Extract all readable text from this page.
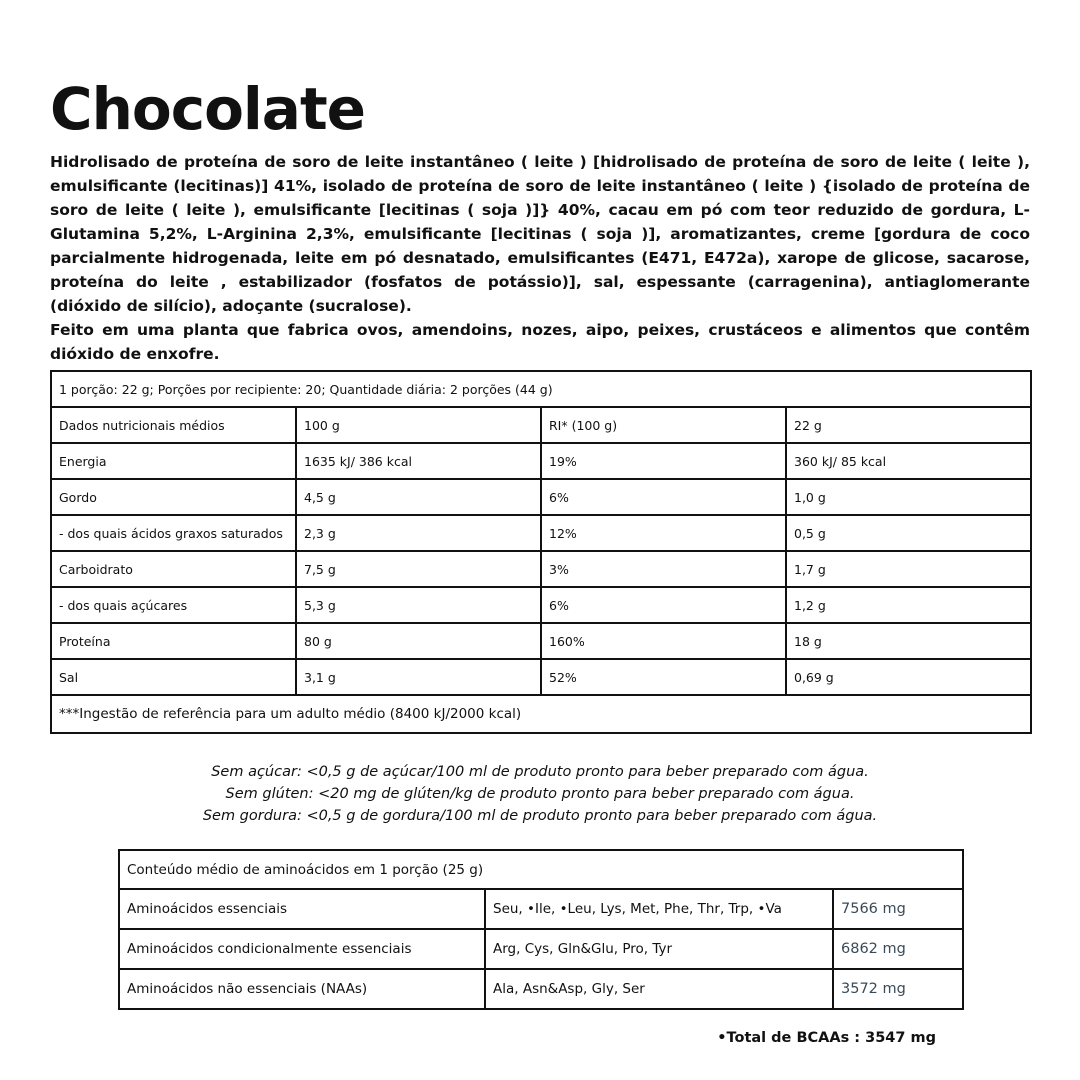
Chocolate

Hidrolisado de proteína de soro de leite instantâneo ( leite ) [hidrolisado de proteína de soro de leite ( leite ), emulsificante (lecitinas)] 41%, isolado de proteína de soro de leite instantâneo ( leite ) {isolado de proteína de soro de leite ( leite ), emulsificante [lecitinas ( soja )]} 40%, cacau em pó com teor reduzido de gordura, L-Glutamina 5,2%, L-Arginina 2,3%, emulsificante [lecitinas ( soja )], aromatizantes, creme [gordura de coco parcialmente hidrogenada, leite em pó desnatado, emulsificantes (E471, E472a), xarope de glicose, sacarose, proteína do leite , estabilizador (fosfatos de potássio)], sal, espessante (carragenina), antiaglomerante (dióxido de silício), adoçante (sucralose).

Feito em uma planta que fabrica ovos, amendoins, nozes, aipo, peixes, crustáceos e alimentos que contêm dióxido de enxofre.

1 porção: 22 g; Porções por recipiente: 20; Quantidade diária: 2 porções (44 g)			
Dados nutricionais médios	100 g	RI* (100 g)	22 g
Energia	1635 kJ/ 386 kcal	19%	360 kJ/ 85 kcal
Gordo	4,5 g	6%	1,0 g
- dos quais ácidos graxos saturados	2,3 g	12%	0,5 g
Carboidrato	7,5 g	3%	1,7 g
- dos quais açúcares	5,3 g	6%	1,2 g
Proteína	80 g	160%	18 g
Sal	3,1 g	52%	0,69 g
***Ingestão de referência para um adulto médio (8400 kJ/2000 kcal)			
Sem açúcar: <0,5 g de açúcar/100 ml de produto pronto para beber preparado com água.
Sem glúten: <20 mg de glúten/kg de produto pronto para beber preparado com água.
Sem gordura: <0,5 g de gordura/100 ml de produto pronto para beber preparado com água.
Conteúdo médio de aminoácidos em 1 porção (25 g)		
Aminoácidos essenciais	Seu, •Ile, •Leu, Lys, Met, Phe, Thr, Trp, •Va	7566 mg
Aminoácidos condicionalmente essenciais	Arg, Cys, Gln&Glu, Pro, Tyr	6862 mg
Aminoácidos não essenciais (NAAs)	Ala, Asn&Asp, Gly, Ser	3572 mg
•Total de BCAAs : 3547 mg
